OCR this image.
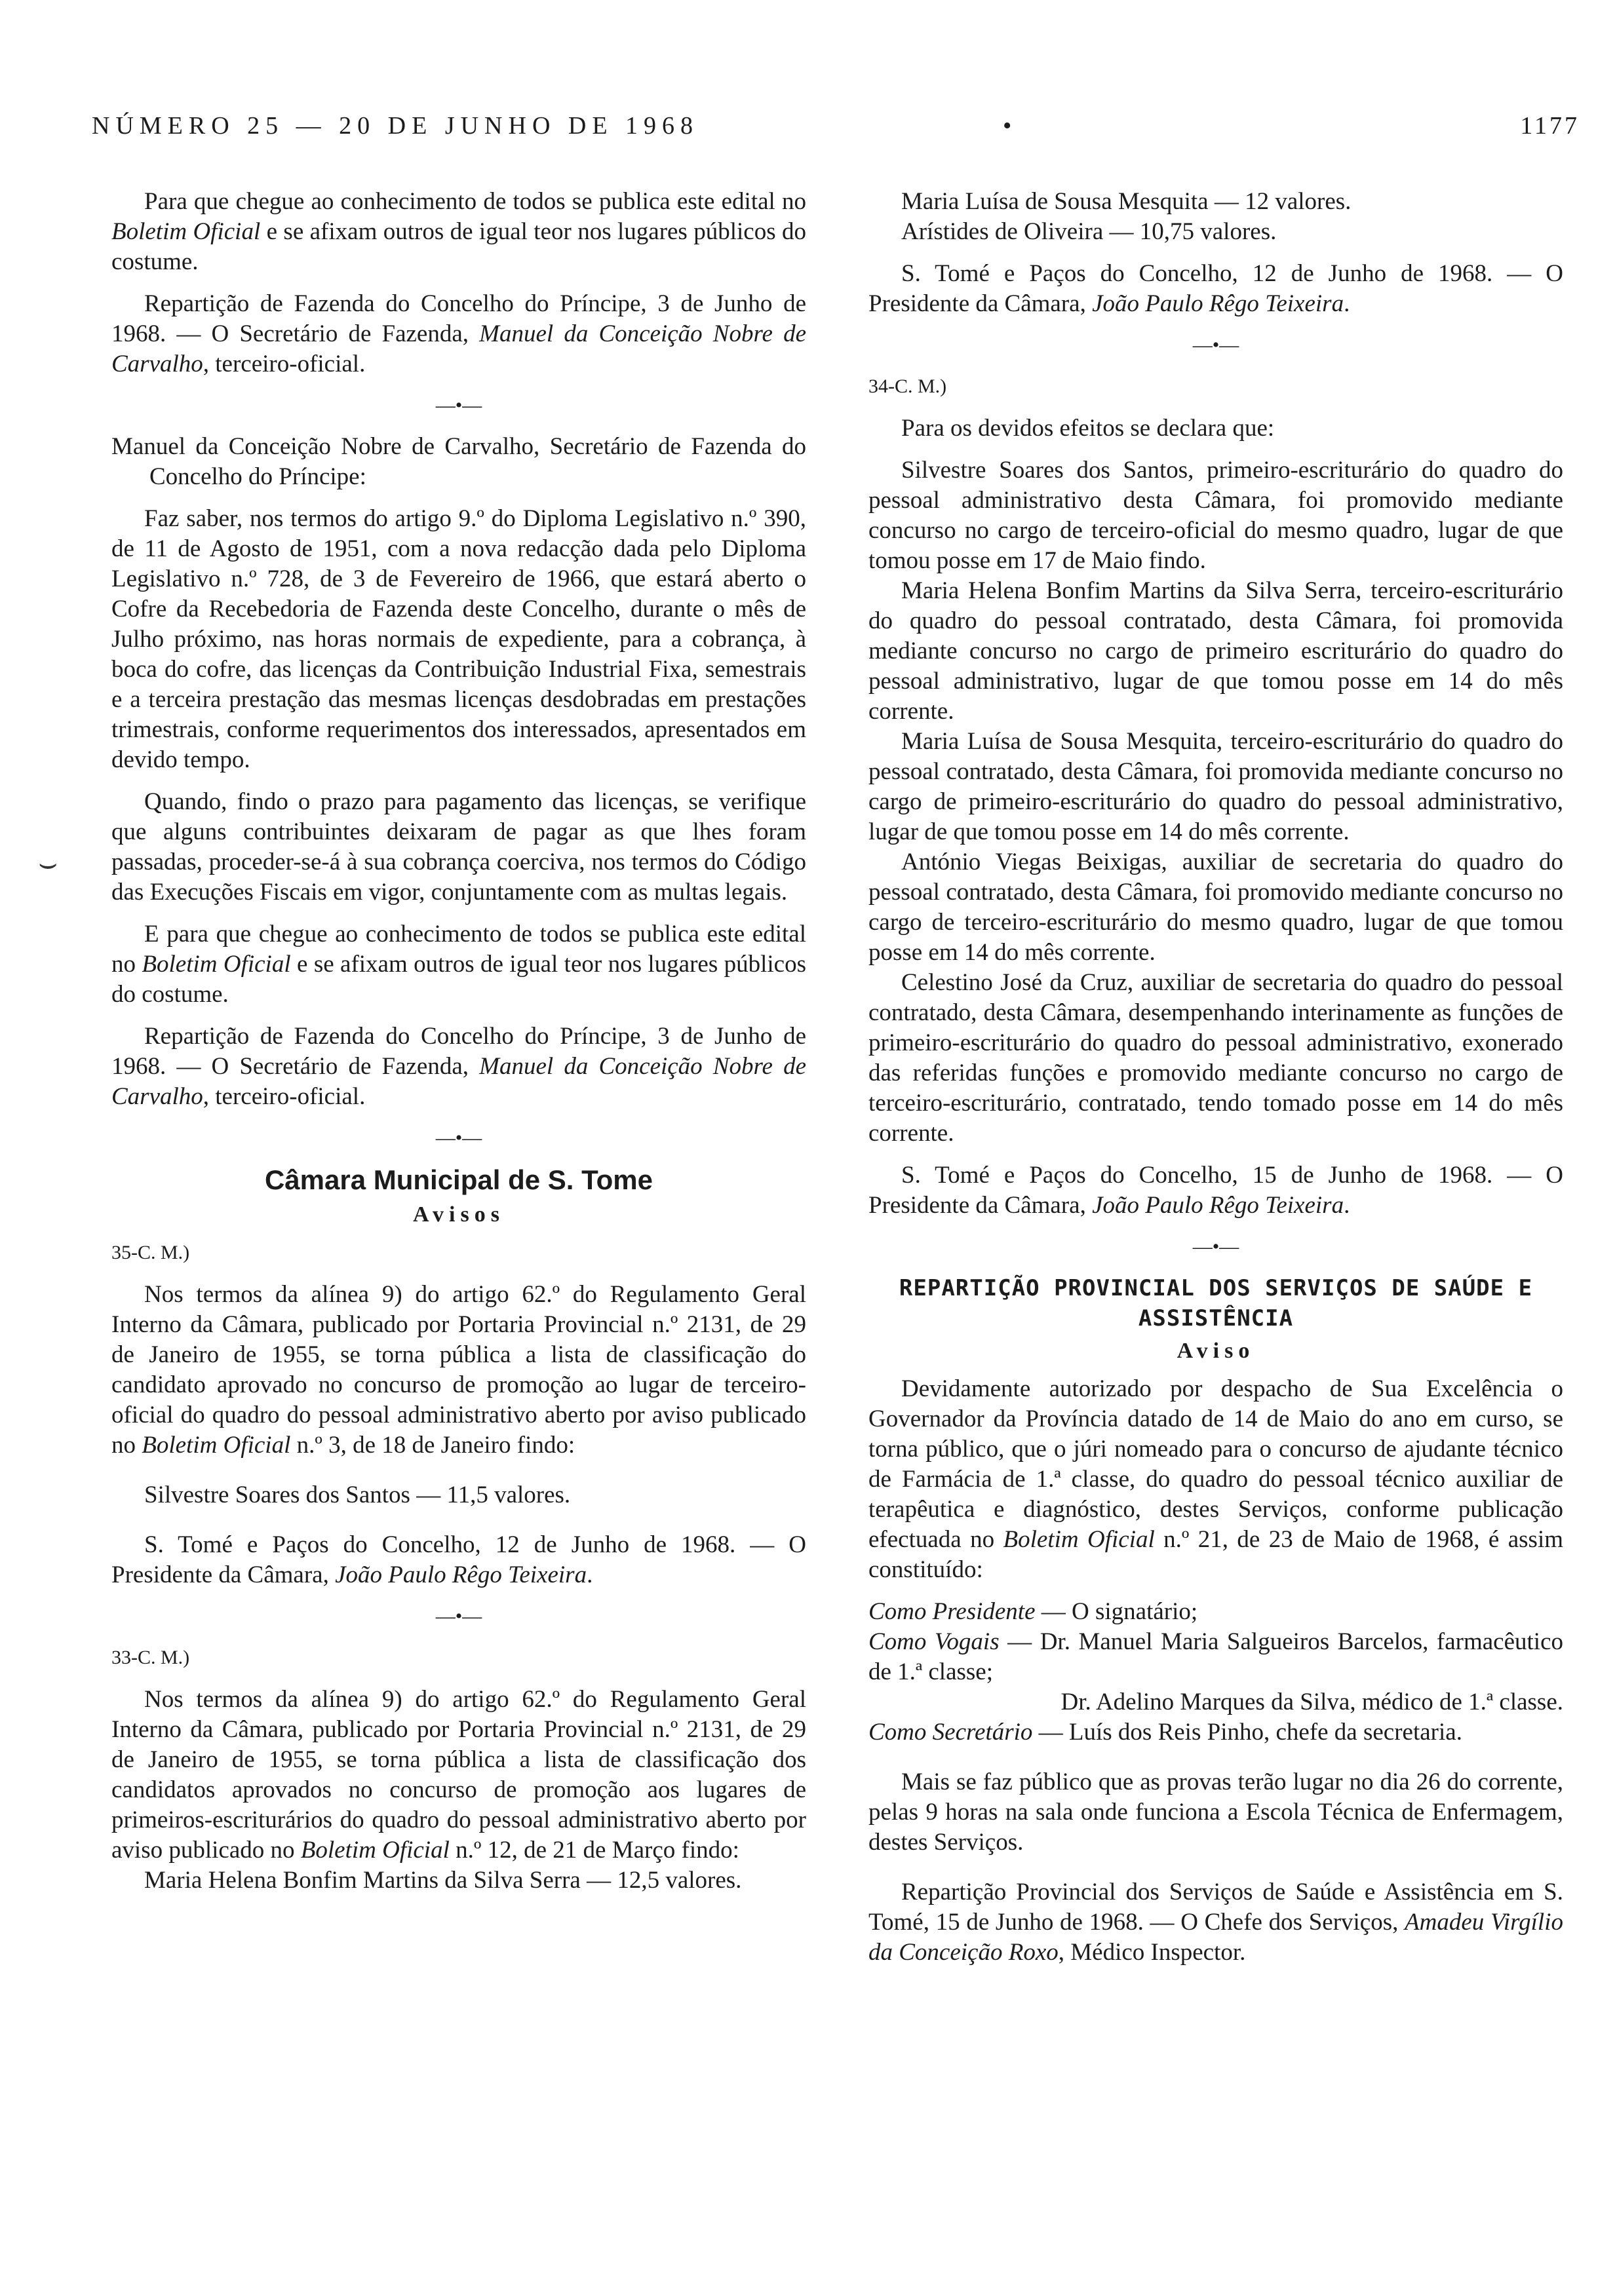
NÚMERO 25 — 20 DE JUNHO DE 1968	•	1177
⌣

Para que chegue ao conhecimento de todos se publica este edital no Boletim Oficial e se afixam outros de igual teor nos lugares públicos do costume.

Repartição de Fazenda do Concelho do Príncipe, 3 de Junho de 1968. — O Secretário de Fazenda, Manuel da Conceição Nobre de Carvalho, terceiro-oficial.

—•—

Manuel da Conceição Nobre de Carvalho, Secretário de Fazenda do Concelho do Príncipe:

Faz saber, nos termos do artigo 9.º do Diploma Legislativo n.º 390, de 11 de Agosto de 1951, com a nova redacção dada pelo Diploma Legislativo n.º 728, de 3 de Fevereiro de 1966, que estará aberto o Cofre da Recebedoria de Fazenda deste Concelho, durante o mês de Julho próximo, nas horas normais de expediente, para a cobrança, à boca do cofre, das licenças da Contribuição Industrial Fixa, semestrais e a terceira prestação das mesmas licenças desdobradas em prestações trimestrais, conforme requerimentos dos interessados, apresentados em devido tempo.

Quando, findo o prazo para pagamento das licenças, se verifique que alguns contribuintes deixaram de pagar as que lhes foram passadas, proceder-se-á à sua cobrança coerciva, nos termos do Código das Execuções Fiscais em vigor, conjuntamente com as multas legais.

E para que chegue ao conhecimento de todos se publica este edital no Boletim Oficial e se afixam outros de igual teor nos lugares públicos do costume.

Repartição de Fazenda do Concelho do Príncipe, 3 de Junho de 1968. — O Secretário de Fazenda, Manuel da Conceição Nobre de Carvalho, terceiro-oficial.

—•—

Câmara Municipal de S. Tome
Avisos

35-C. M.)

Nos termos da alínea 9) do artigo 62.º do Regulamento Geral Interno da Câmara, publicado por Portaria Provincial n.º 2131, de 29 de Janeiro de 1955, se torna pública a lista de classificação do candidato aprovado no concurso de promoção ao lugar de terceiro-oficial do quadro do pessoal administrativo aberto por aviso publicado no Boletim Oficial n.º 3, de 18 de Janeiro findo:

Silvestre Soares dos Santos — 11,5 valores.

S. Tomé e Paços do Concelho, 12 de Junho de 1968. — O Presidente da Câmara, João Paulo Rêgo Teixeira.

—•—

33-C. M.)

Nos termos da alínea 9) do artigo 62.º do Regulamento Geral Interno da Câmara, publicado por Portaria Provincial n.º 2131, de 29 de Janeiro de 1955, se torna pública a lista de classificação dos candidatos aprovados no concurso de promoção aos lugares de primeiros-escriturários do quadro do pessoal administrativo aberto por aviso publicado no Boletim Oficial n.º 12, de 21 de Março findo:

Maria Helena Bonfim Martins da Silva Serra — 12,5 valores.

Maria Luísa de Sousa Mesquita — 12 valores.

Arístides de Oliveira — 10,75 valores.

S. Tomé e Paços do Concelho, 12 de Junho de 1968. — O Presidente da Câmara, João Paulo Rêgo Teixeira.

—•—

34-C. M.)

Para os devidos efeitos se declara que:

Silvestre Soares dos Santos, primeiro-escriturário do quadro do pessoal administrativo desta Câmara, foi promovido mediante concurso no cargo de terceiro-oficial do mesmo quadro, lugar de que tomou posse em 17 de Maio findo.

Maria Helena Bonfim Martins da Silva Serra, terceiro-escriturário do quadro do pessoal contratado, desta Câmara, foi promovida mediante concurso no cargo de primeiro escriturário do quadro do pessoal administrativo, lugar de que tomou posse em 14 do mês corrente.

Maria Luísa de Sousa Mesquita, terceiro-escriturário do quadro do pessoal contratado, desta Câmara, foi promovida mediante concurso no cargo de primeiro-escriturário do quadro do pessoal administrativo, lugar de que tomou posse em 14 do mês corrente.

António Viegas Beixigas, auxiliar de secretaria do quadro do pessoal contratado, desta Câmara, foi promovido mediante concurso no cargo de terceiro-escriturário do mesmo quadro, lugar de que tomou posse em 14 do mês corrente.

Celestino José da Cruz, auxiliar de secretaria do quadro do pessoal contratado, desta Câmara, desempenhando interinamente as funções de primeiro-escriturário do quadro do pessoal administrativo, exonerado das referidas funções e promovido mediante concurso no cargo de terceiro-escriturário, contratado, tendo tomado posse em 14 do mês corrente.

S. Tomé e Paços do Concelho, 15 de Junho de 1968. — O Presidente da Câmara, João Paulo Rêgo Teixeira.

—•—

REPARTIÇÃO PROVINCIAL DOS SERVIÇOS DE SAÚDE E ASSISTÊNCIA
Aviso

Devidamente autorizado por despacho de Sua Excelência o Governador da Província datado de 14 de Maio do ano em curso, se torna público, que o júri nomeado para o concurso de ajudante técnico de Farmácia de 1.ª classe, do quadro do pessoal técnico auxiliar de terapêutica e diagnóstico, destes Serviços, conforme publicação efectuada no Boletim Oficial n.º 21, de 23 de Maio de 1968, é assim constituído:

Como Presidente — O signatário;

Como Vogais — Dr. Manuel Maria Salgueiros Barcelos, farmacêutico de 1.ª classe;

Dr. Adelino Marques da Silva, médico de 1.ª classe.

Como Secretário — Luís dos Reis Pinho, chefe da secretaria.

Mais se faz público que as provas terão lugar no dia 26 do corrente, pelas 9 horas na sala onde funciona a Escola Técnica de Enfermagem, destes Serviços.

Repartição Provincial dos Serviços de Saúde e Assistência em S. Tomé, 15 de Junho de 1968. — O Chefe dos Serviços, Amadeu Virgílio da Conceição Roxo, Médico Inspector.
